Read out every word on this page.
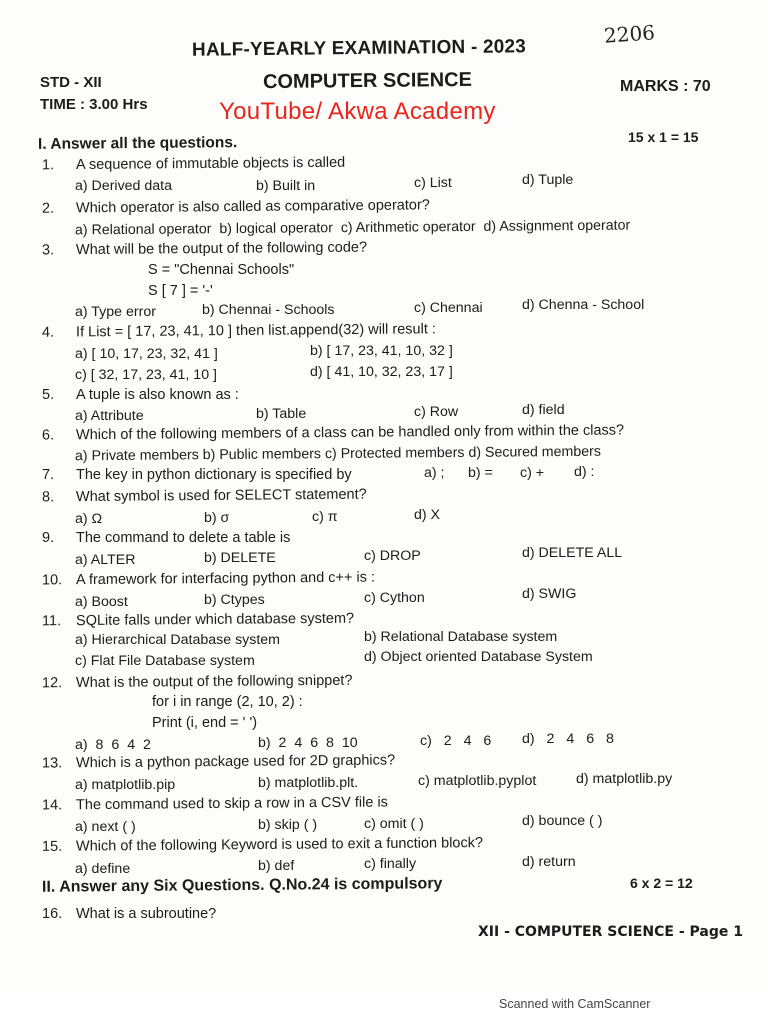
2206
HALF-YEARLY EXAMINATION - 2023
STD - XII	COMPUTER SCIENCE	MARKS : 70
TIME : 3.00 Hrs	YouTube/ Akwa Academy
I. Answer all the questions.	15 x 1 = 15
1. A sequence of immutable objects is called
a) Derived data	b) Built in	c) List	d) Tuple
2. Which operator is also called as comparative operator?
a) Relational operator b) logical operator c) Arithmetic operator d) Assignment operator
3. What will be the output of the following code?
S = "Chennai Schools"
S [ 7 ] = '-'
a) Type error	b) Chennai - Schools	c) Chennai	d) Chenna - School
4. If List = [ 17, 23, 41, 10 ] then list.append(32) will result :
a) [ 10, 17, 23, 32, 41 ]	b) [ 17, 23, 41, 10, 32 ]
c) [ 32, 17, 23, 41, 10 ]	d) [ 41, 10, 32, 23, 17 ]
5. A tuple is also known as :
a) Attribute	b) Table	c) Row	d) field
6. Which of the following members of a class can be handled only from within the class?
a) Private members b) Public members c) Protected members d) Secured members
7. The key in python dictionary is specified by	a) ; b) = c) + d) :
8. What symbol is used for SELECT statement?
a) Ω	b) σ	c) π	d) X
9. The command to delete a table is
a) ALTER	b) DELETE	c) DROP	d) DELETE ALL
10. A framework for interfacing python and c++ is :
a) Boost	b) Ctypes	c) Cython	d) SWIG
11. SQLite falls under which database system?
a) Hierarchical Database system	b) Relational Database system
c) Flat File Database system	d) Object oriented Database System
12. What is the output of the following snippet?
for i in range (2, 10, 2) :
Print (i, end = ' ')
a) 8 6 4 2	b) 2 4 6 8 10	c) 2 4 6 d) 2 4 6 8
13. Which is a python package used for 2D graphics?
a) matplotlib.pip	b) matplotlib.plt.	c) matplotlib.pyplot	d) matplotlib.py
14. The command used to skip a row in a CSV file is
a) next ( )	b) skip ( )	c) omit ( )	d) bounce ( )
15. Which of the following Keyword is used to exit a function block?
a) define	b) def	c) finally	d) return
II. Answer any Six Questions. Q.No.24 is compulsory	6 x 2 = 12
16. What is a subroutine?
XII - COMPUTER SCIENCE - Page 1
Scanned with CamScanner
